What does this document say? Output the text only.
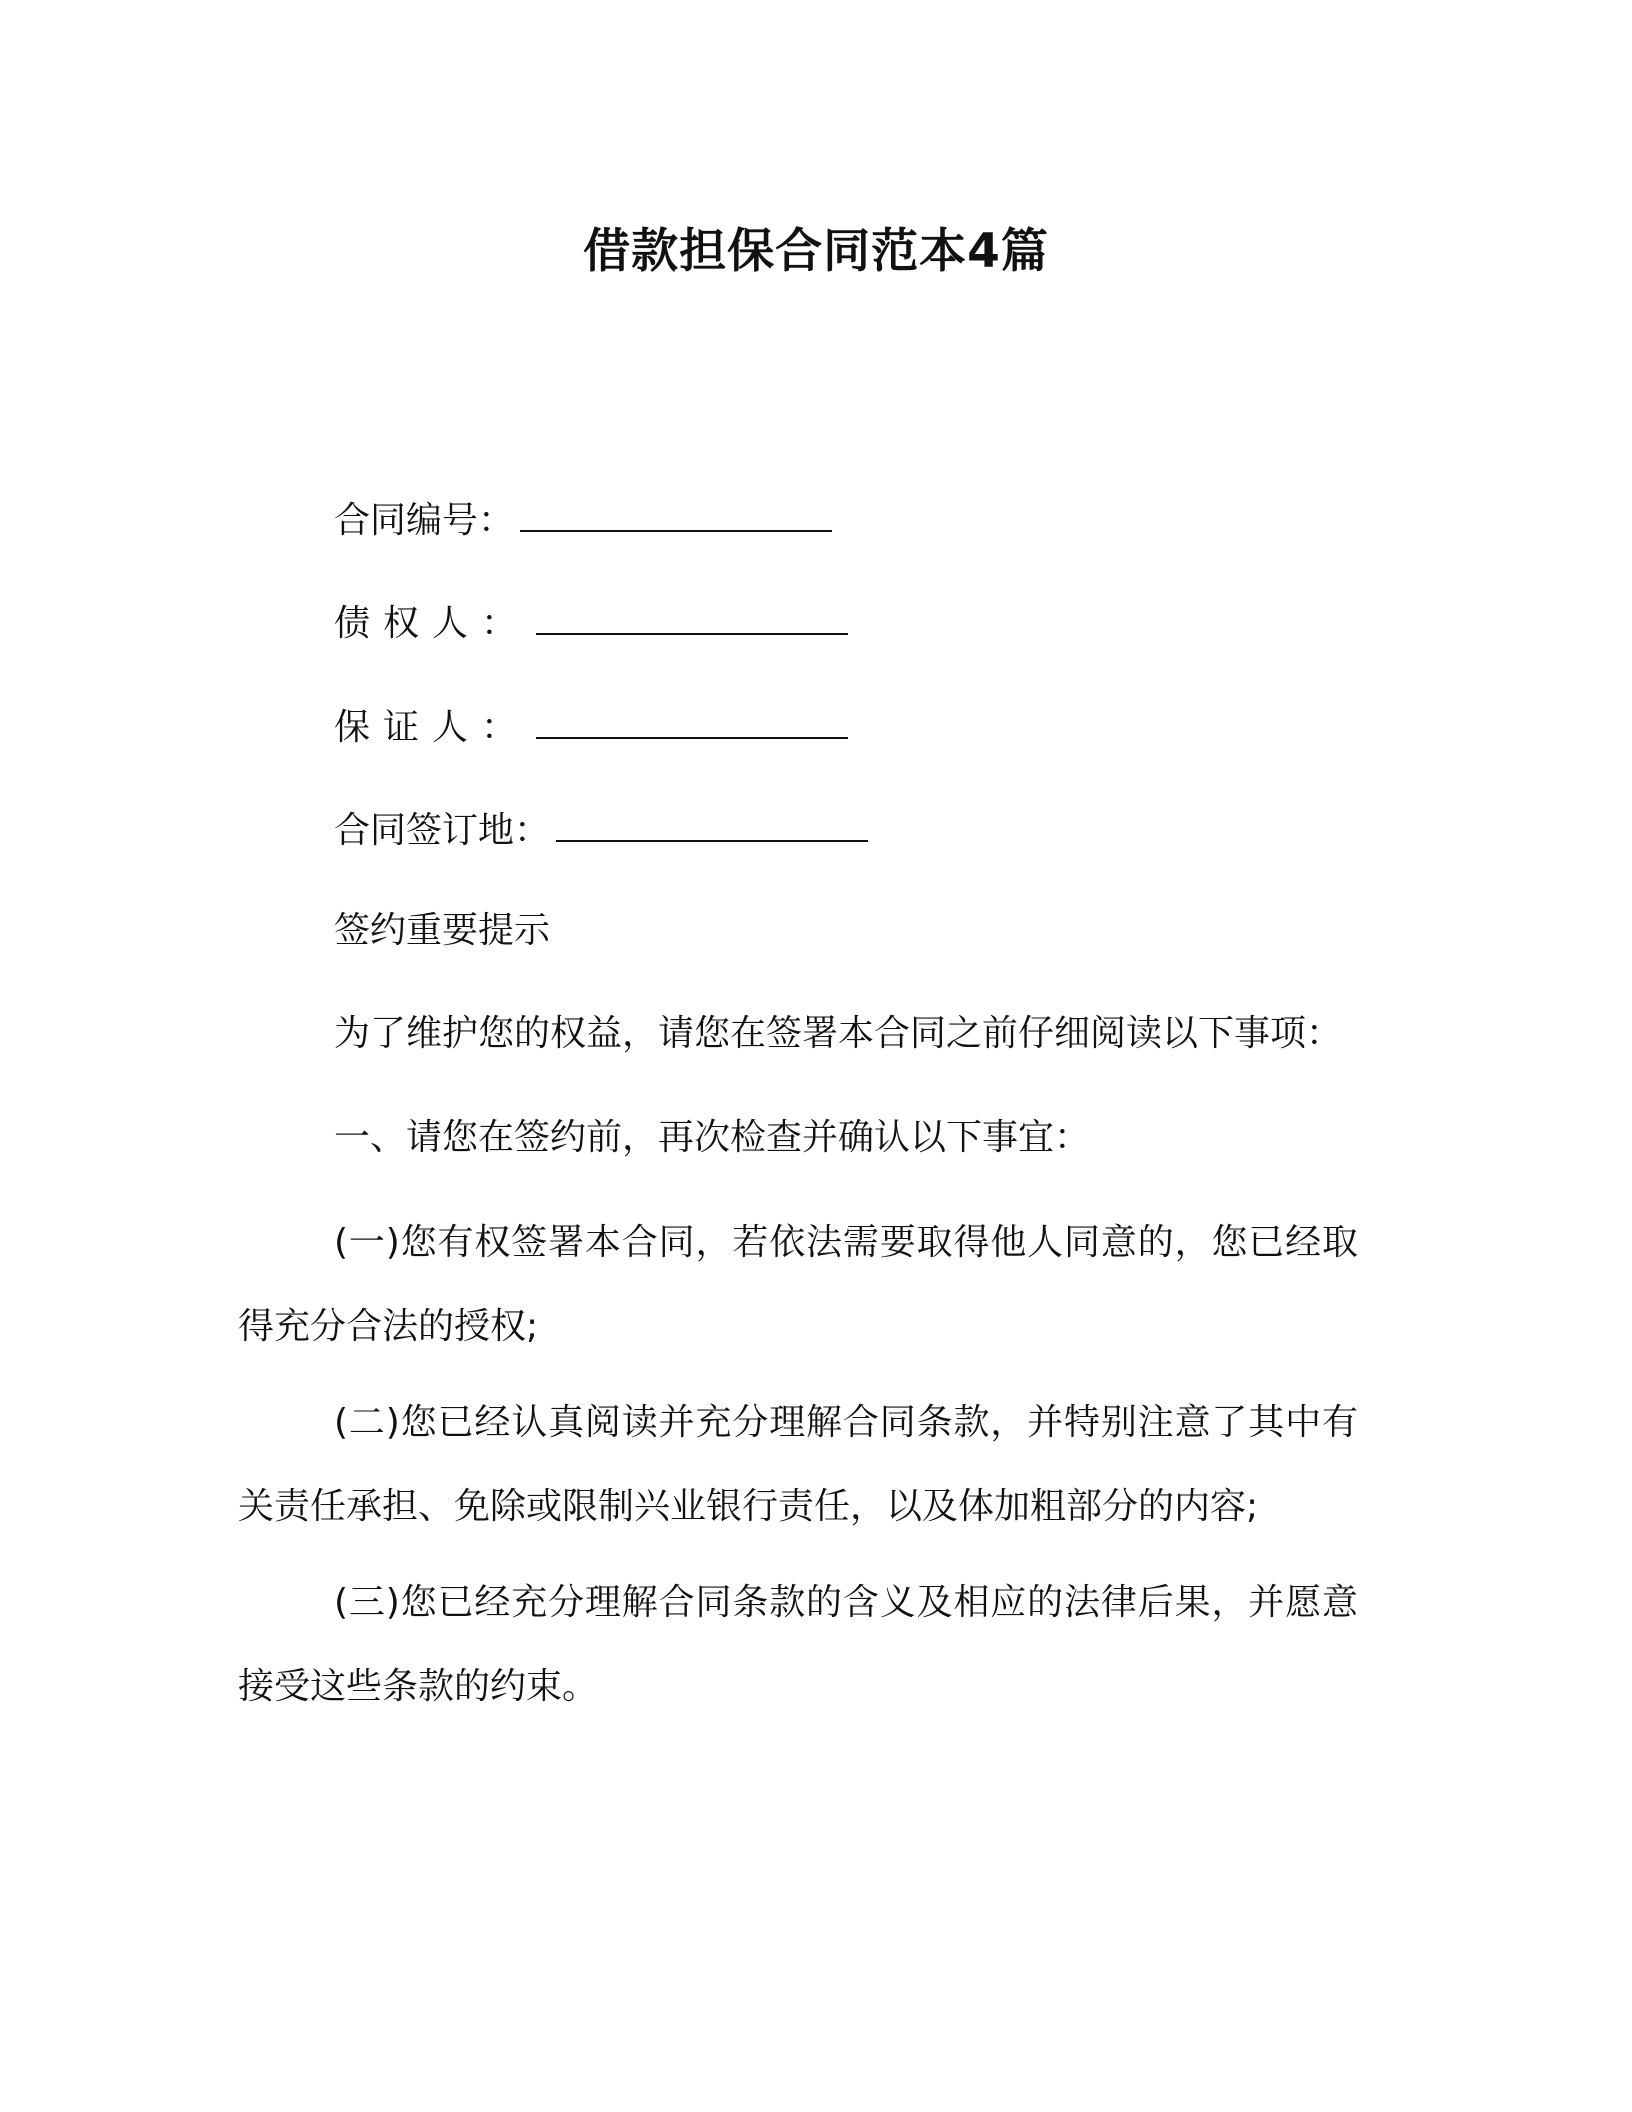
借款担保合同范本4篇
合同编号：
债权人：
保证人：
合同签订地：
签约重要提示
为了维护您的权益，请您在签署本合同之前仔细阅读以下事项：
一、请您在签约前，再次检查并确认以下事宜：
(一)您有权签署本合同，若依法需要取得他人同意的，您已经取得充分合法的授权;
(二)您已经认真阅读并充分理解合同条款，并特别注意了其中有关责任承担、免除或限制兴业银行责任，以及体加粗部分的内容;
(三)您已经充分理解合同条款的含义及相应的法律后果，并愿意接受这些条款的约束。
